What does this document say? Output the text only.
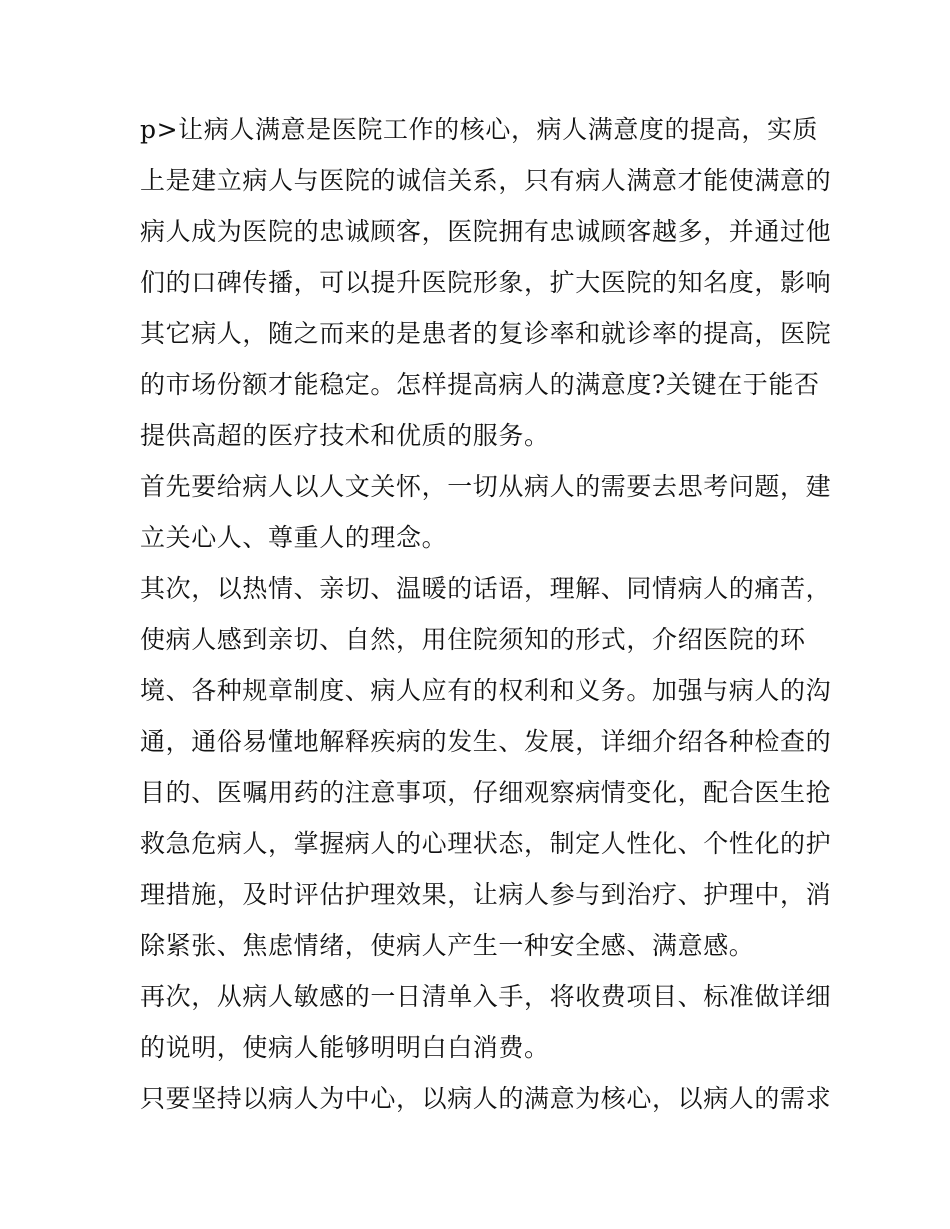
p>让病人满意是医院工作的核心，病人满意度的提高，实质
上是建立病人与医院的诚信关系，只有病人满意才能使满意的
病人成为医院的忠诚顾客，医院拥有忠诚顾客越多，并通过他
们的口碑传播，可以提升医院形象，扩大医院的知名度，影响
其它病人，随之而来的是患者的复诊率和就诊率的提高，医院
的市场份额才能稳定。怎样提高病人的满意度?关键在于能否
提供高超的医疗技术和优质的服务。
首先要给病人以人文关怀，一切从病人的需要去思考问题，建
立关心人、尊重人的理念。
其次，以热情、亲切、温暖的话语，理解、同情病人的痛苦，
使病人感到亲切、自然，用住院须知的形式，介绍医院的环
境、各种规章制度、病人应有的权利和义务。加强与病人的沟
通，通俗易懂地解释疾病的发生、发展，详细介绍各种检查的
目的、医嘱用药的注意事项，仔细观察病情变化，配合医生抢
救急危病人，掌握病人的心理状态，制定人性化、个性化的护
理措施，及时评估护理效果，让病人参与到治疗、护理中，消
除紧张、焦虑情绪，使病人产生一种安全感、满意感。
再次，从病人敏感的一日清单入手，将收费项目、标准做详细
的说明，使病人能够明明白白消费。
只要坚持以病人为中心，以病人的满意为核心，以病人的需求
